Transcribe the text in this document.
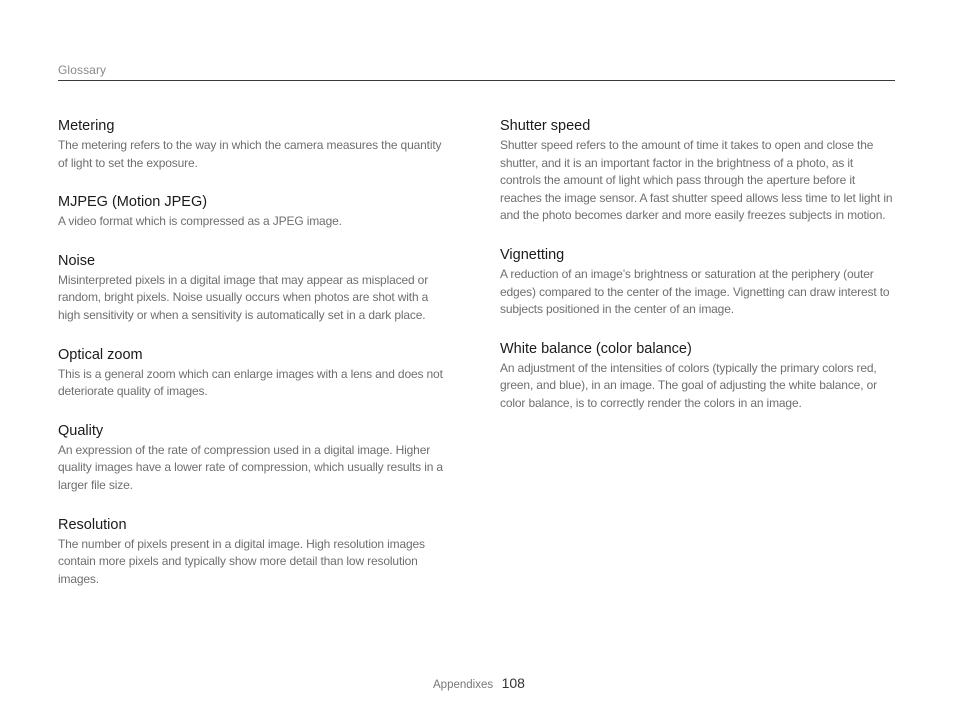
Glossary
Metering

The metering refers to the way in which the camera measures the quantity of light to set the exposure.

MJPEG (Motion JPEG)

A video format which is compressed as a JPEG image.

Noise

Misinterpreted pixels in a digital image that may appear as misplaced or random, bright pixels. Noise usually occurs when photos are shot with a high sensitivity or when a sensitivity is automatically set in a dark place.

Optical zoom

This is a general zoom which can enlarge images with a lens and does not deteriorate quality of images.

Quality

An expression of the rate of compression used in a digital image. Higher quality images have a lower rate of compression, which usually results in a larger file size.

Resolution

The number of pixels present in a digital image. High resolution images contain more pixels and typically show more detail than low resolution images.

Shutter speed

Shutter speed refers to the amount of time it takes to open and close the shutter, and it is an important factor in the brightness of a photo, as it controls the amount of light which pass through the aperture before it reaches the image sensor. A fast shutter speed allows less time to let light in and the photo becomes darker and more easily freezes subjects in motion.

Vignetting

A reduction of an image’s brightness or saturation at the periphery (outer edges) compared to the center of the image. Vignetting can draw interest to subjects positioned in the center of an image.

White balance (color balance)

An adjustment of the intensities of colors (typically the primary colors red, green, and blue), in an image. The goal of adjusting the white balance, or color balance, is to correctly render the colors in an image.

Appendixes 108
